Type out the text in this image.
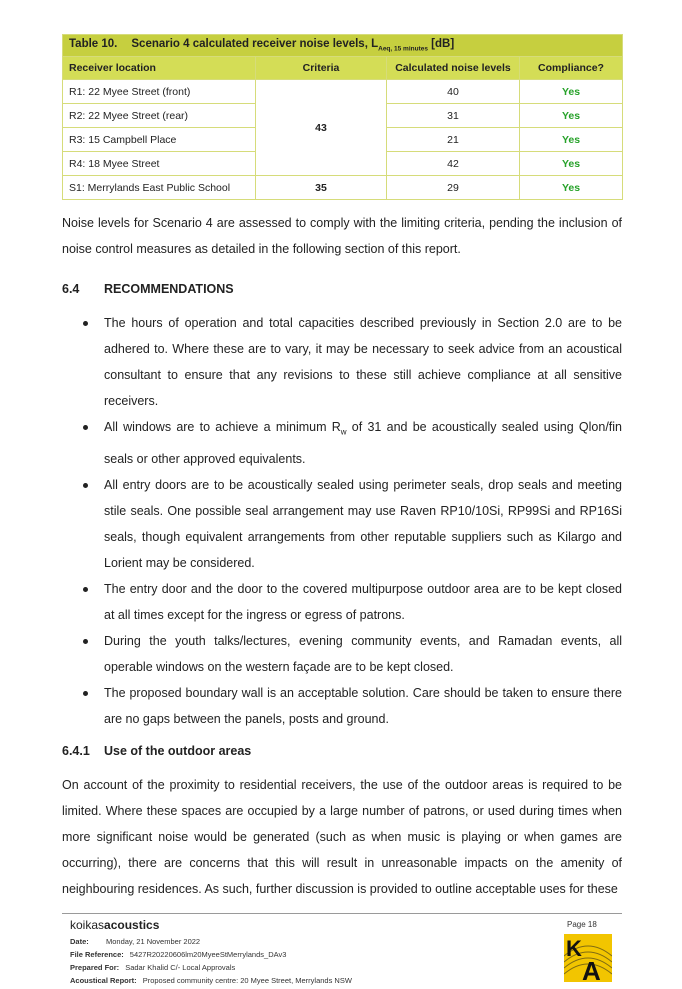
Table 10. Scenario 4 calculated receiver noise levels, $L_{Aeq, 15 minutes}$ [dB]			
Receiver location	Criteria	Calculated noise levels	Compliance?
R1: 22 Myee Street (front)	43	40	Yes
R2: 22 Myee Street (rear)		31	Yes
R3: 15 Campbell Place		21	Yes
R4: 18 Myee Street		42	Yes
S1: Merrylands East Public School	35	29	Yes

Noise levels for Scenario 4 are assessed to comply with the limiting criteria, pending the inclusion of noise control measures as detailed in the following section of this report.

6.4 RECOMMENDATIONS
The hours of operation and total capacities described previously in Section 2.0 are to be adhered to. Where these are to vary, it may be necessary to seek advice from an acoustical consultant to ensure that any revisions to these still achieve compliance at all sensitive receivers.
All windows are to achieve a minimum $R_w$ of 31 and be acoustically sealed using Qlon/fin seals or other approved equivalents.
All entry doors are to be acoustically sealed using perimeter seals, drop seals and meeting stile seals. One possible seal arrangement may use Raven RP10/10Si, RP99Si and RP16Si seals, though equivalent arrangements from other reputable suppliers such as Kilargo and Lorient may be considered.
The entry door and the door to the covered multipurpose outdoor area are to be kept closed at all times except for the ingress or egress of patrons.
During the youth talks/lectures, evening community events, and Ramadan events, all operable windows on the western façade are to be kept closed.
The proposed boundary wall is an acceptable solution. Care should be taken to ensure there are no gaps between the panels, posts and ground.
6.4.1 Use of the outdoor areas

On account of the proximity to residential receivers, the use of the outdoor areas is required to be limited. Where these spaces are occupied by a large number of patrons, or used during times when more significant noise would be generated (such as when music is playing or when games are occurring), there are concerns that this will result in unreasonable impacts on the amenity of neighbouring residences. As such, further discussion is provided to outline acceptable uses for these

koikasacoustics
Date: Monday, 21 November 2022
File Reference: 5427R20220606lm20MyeeStMerrylands_DAv3
Prepared For: Sadar Khalid C/- Local Approvals
Acoustical Report: Proposed community centre: 20 Myee Street, Merrylands NSW
Page 18
K
A
